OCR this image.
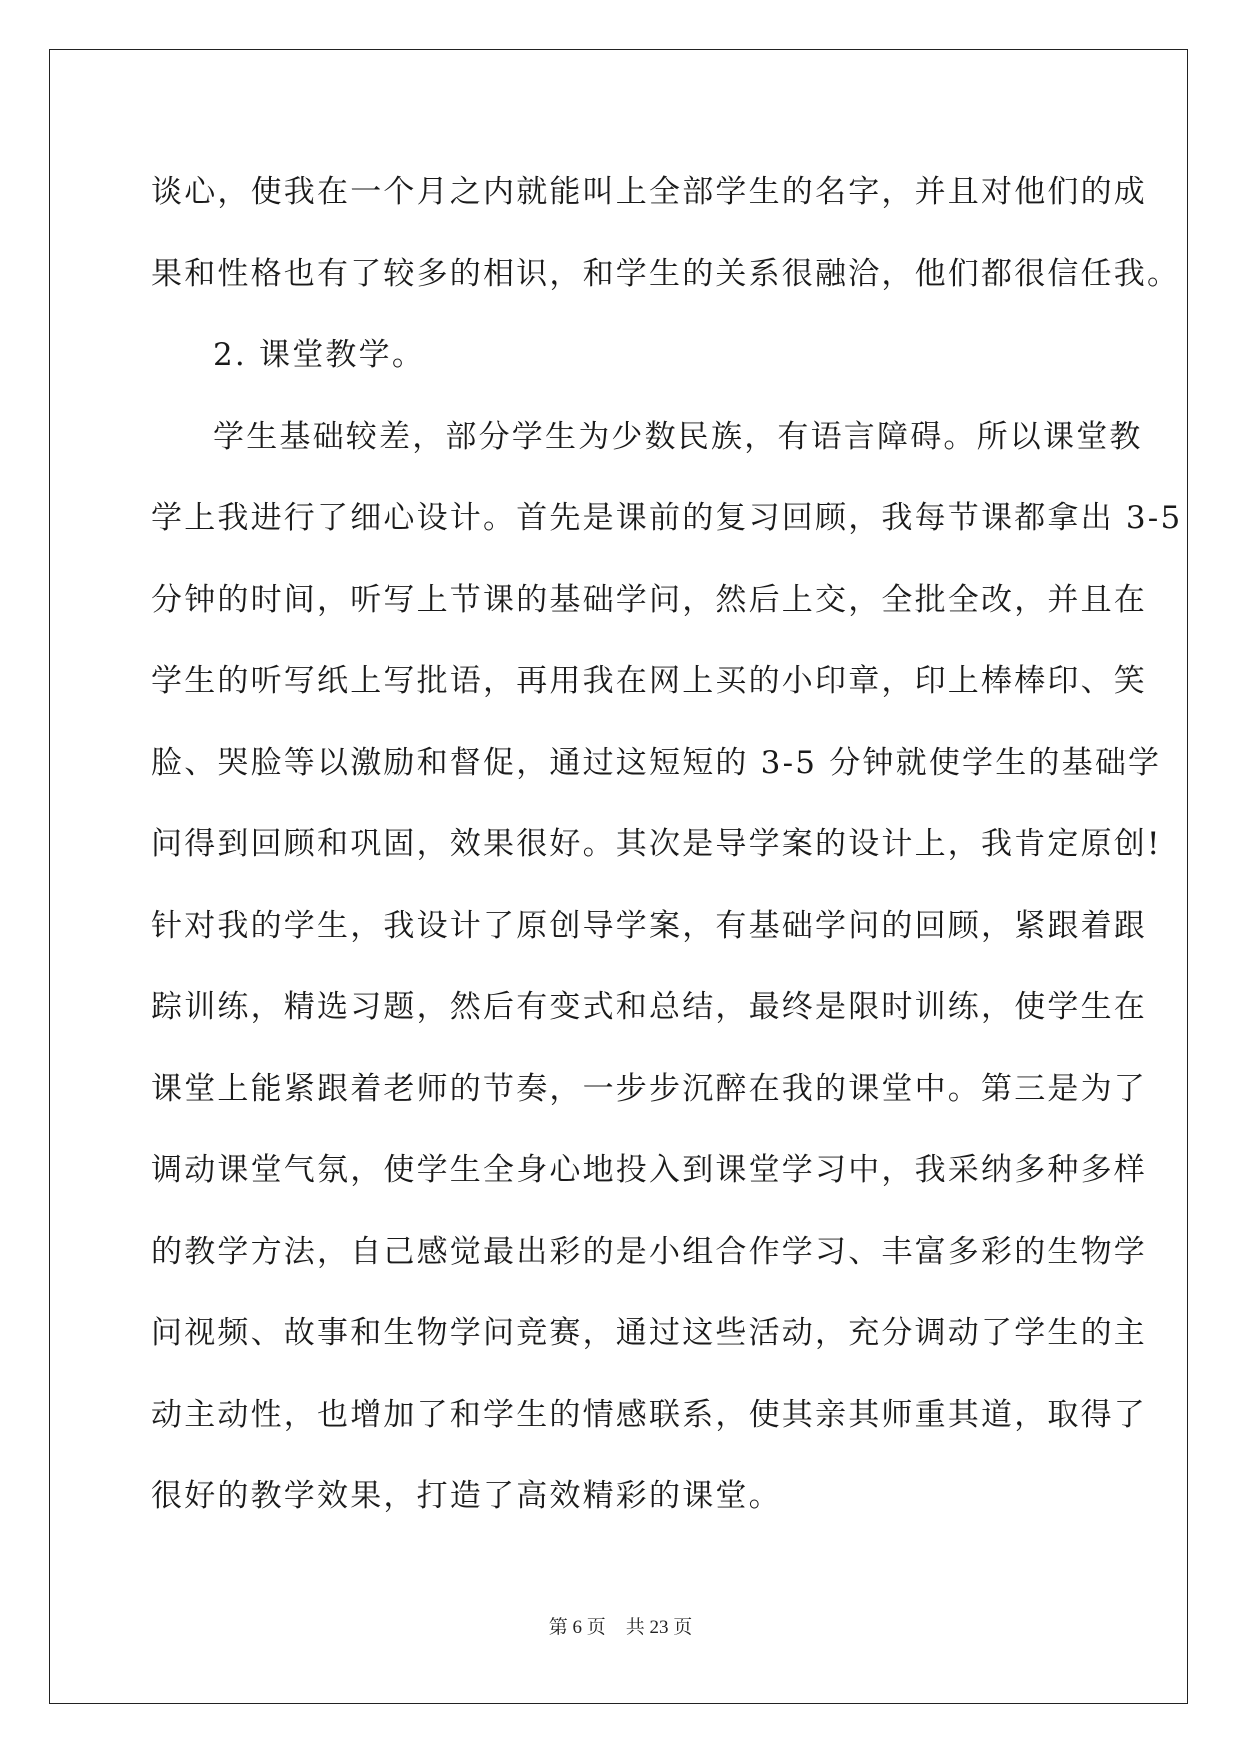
谈心，使我在一个月之内就能叫上全部学生的名字，并且对他们的成
果和性格也有了较多的相识，和学生的关系很融洽，他们都很信任我。
2. 课堂教学。
学生基础较差，部分学生为少数民族，有语言障碍。所以课堂教
学上我进行了细心设计。首先是课前的复习回顾，我每节课都拿出 3-5
分钟的时间，听写上节课的基础学问，然后上交，全批全改，并且在
学生的听写纸上写批语，再用我在网上买的小印章，印上棒棒印、笑
脸、哭脸等以激励和督促，通过这短短的 3-5 分钟就使学生的基础学
问得到回顾和巩固，效果很好。其次是导学案的设计上，我肯定原创!
针对我的学生，我设计了原创导学案，有基础学问的回顾，紧跟着跟
踪训练，精选习题，然后有变式和总结，最终是限时训练，使学生在
课堂上能紧跟着老师的节奏，一步步沉醉在我的课堂中。第三是为了
调动课堂气氛，使学生全身心地投入到课堂学习中，我采纳多种多样
的教学方法，自己感觉最出彩的是小组合作学习、丰富多彩的生物学
问视频、故事和生物学问竞赛，通过这些活动，充分调动了学生的主
动主动性，也增加了和学生的情感联系，使其亲其师重其道，取得了
很好的教学效果，打造了高效精彩的课堂。
第 6 页 共 23 页
